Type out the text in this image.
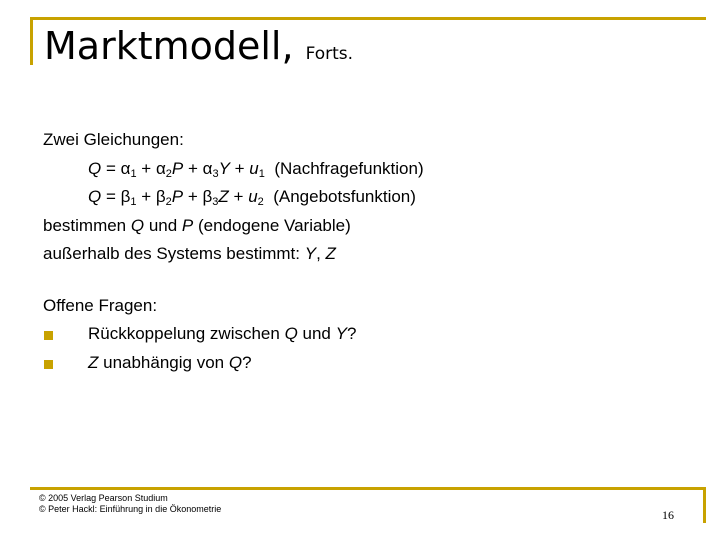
Marktmodell, Forts.
Zwei Gleichungen:
$Q = \alpha_1 + \alpha_2P + \alpha_3Y + u_1$  (Nachfragefunktion)
$Q = \beta_1 + \beta_2P + \beta_3Z + u_2$  (Angebotsfunktion)
bestimmen Q und P (endogene Variable)
außerhalb des Systems bestimmt: Y, Z
Offene Fragen:
Rückkoppelung zwischen Q und Y?
Z unabhängig von Q?
© 2005 Verlag Pearson Studium
© Peter Hackl: Einführung in die Ökonometrie	16
